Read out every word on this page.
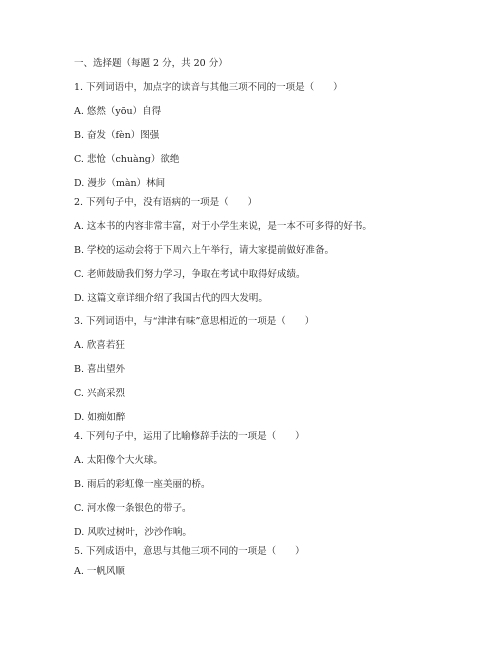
一、选择题（每题 2 分，共 20 分）

1. 下列词语中，加点字的读音与其他三项不同的一项是（　　）

A. 悠然（yōu）自得

B. 奋发（fèn）图强

C. 悲怆（chuàng）欲绝

D. 漫步（màn）林间

2. 下列句子中，没有语病的一项是（　　）

A. 这本书的内容非常丰富，对于小学生来说，是一本不可多得的好书。

B. 学校的运动会将于下周六上午举行，请大家提前做好准备。

C. 老师鼓励我们努力学习，争取在考试中取得好成绩。

D. 这篇文章详细介绍了我国古代的四大发明。

3. 下列词语中，与“津津有味”意思相近的一项是（　　）

A. 欣喜若狂

B. 喜出望外

C. 兴高采烈

D. 如痴如醉

4. 下列句子中，运用了比喻修辞手法的一项是（　　）

A. 太阳像个大火球。

B. 雨后的彩虹像一座美丽的桥。

C. 河水像一条银色的带子。

D. 风吹过树叶，沙沙作响。

5. 下列成语中，意思与其他三项不同的一项是（　　）

A. 一帆风顺
